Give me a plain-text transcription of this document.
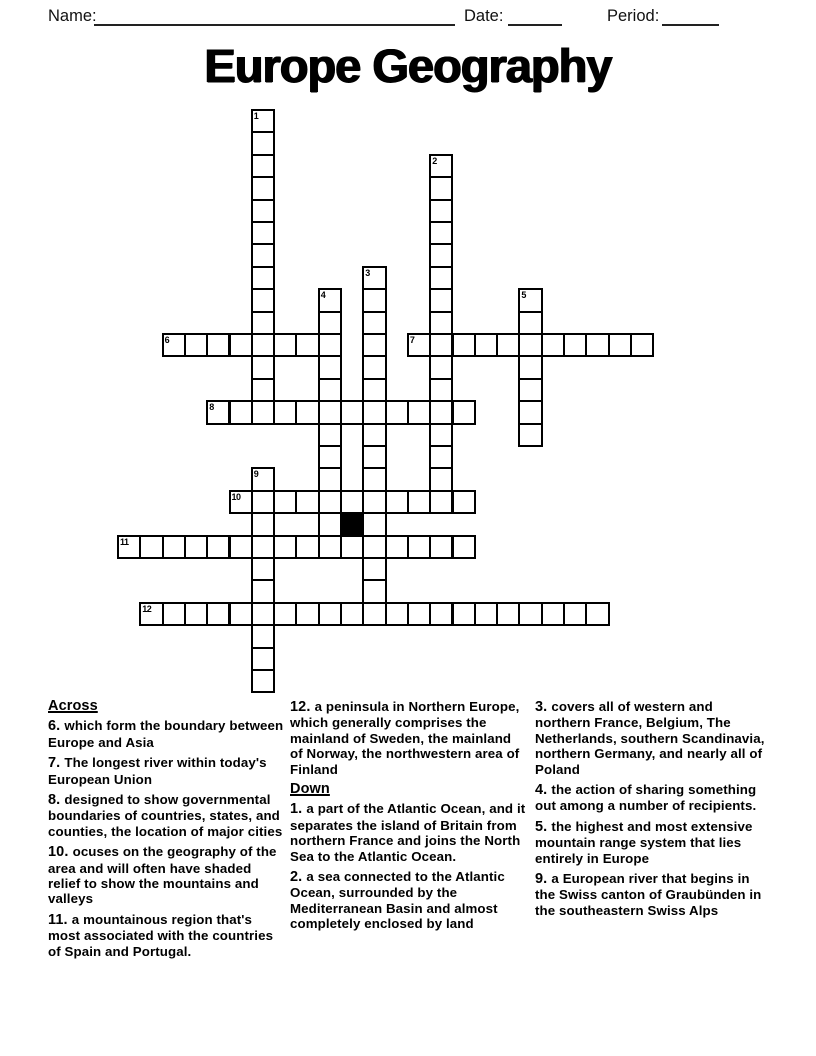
Name:	Date:	Period:
Europe Geography
1
2
3
4	5
6	7
8
9
10
11
12
Across

6. which form the boundary between Europe and Asia

7. The longest river within today's European Union

8. designed to show governmental boundaries of countries, states, and counties, the location of major cities

10. ocuses on the geography of the area and will often have shaded relief to show the mountains and valleys

11. a mountainous region that's most associated with the countries of Spain and Portugal.

12. a peninsula in Northern Europe, which generally comprises the mainland of Sweden, the mainland of Norway, the northwestern area of Finland

Down

1. a part of the Atlantic Ocean, and it separates the island of Britain from northern France and joins the North Sea to the Atlantic Ocean.

2. a sea connected to the Atlantic Ocean, surrounded by the Mediterranean Basin and almost completely enclosed by land

3. covers all of western and northern France, Belgium, The Netherlands, southern Scandinavia, northern Germany, and nearly all of Poland

4. the action of sharing something out among a number of recipients.

5. the highest and most extensive mountain range system that lies entirely in Europe

9. a European river that begins in the Swiss canton of Graubünden in the southeastern Swiss Alps
